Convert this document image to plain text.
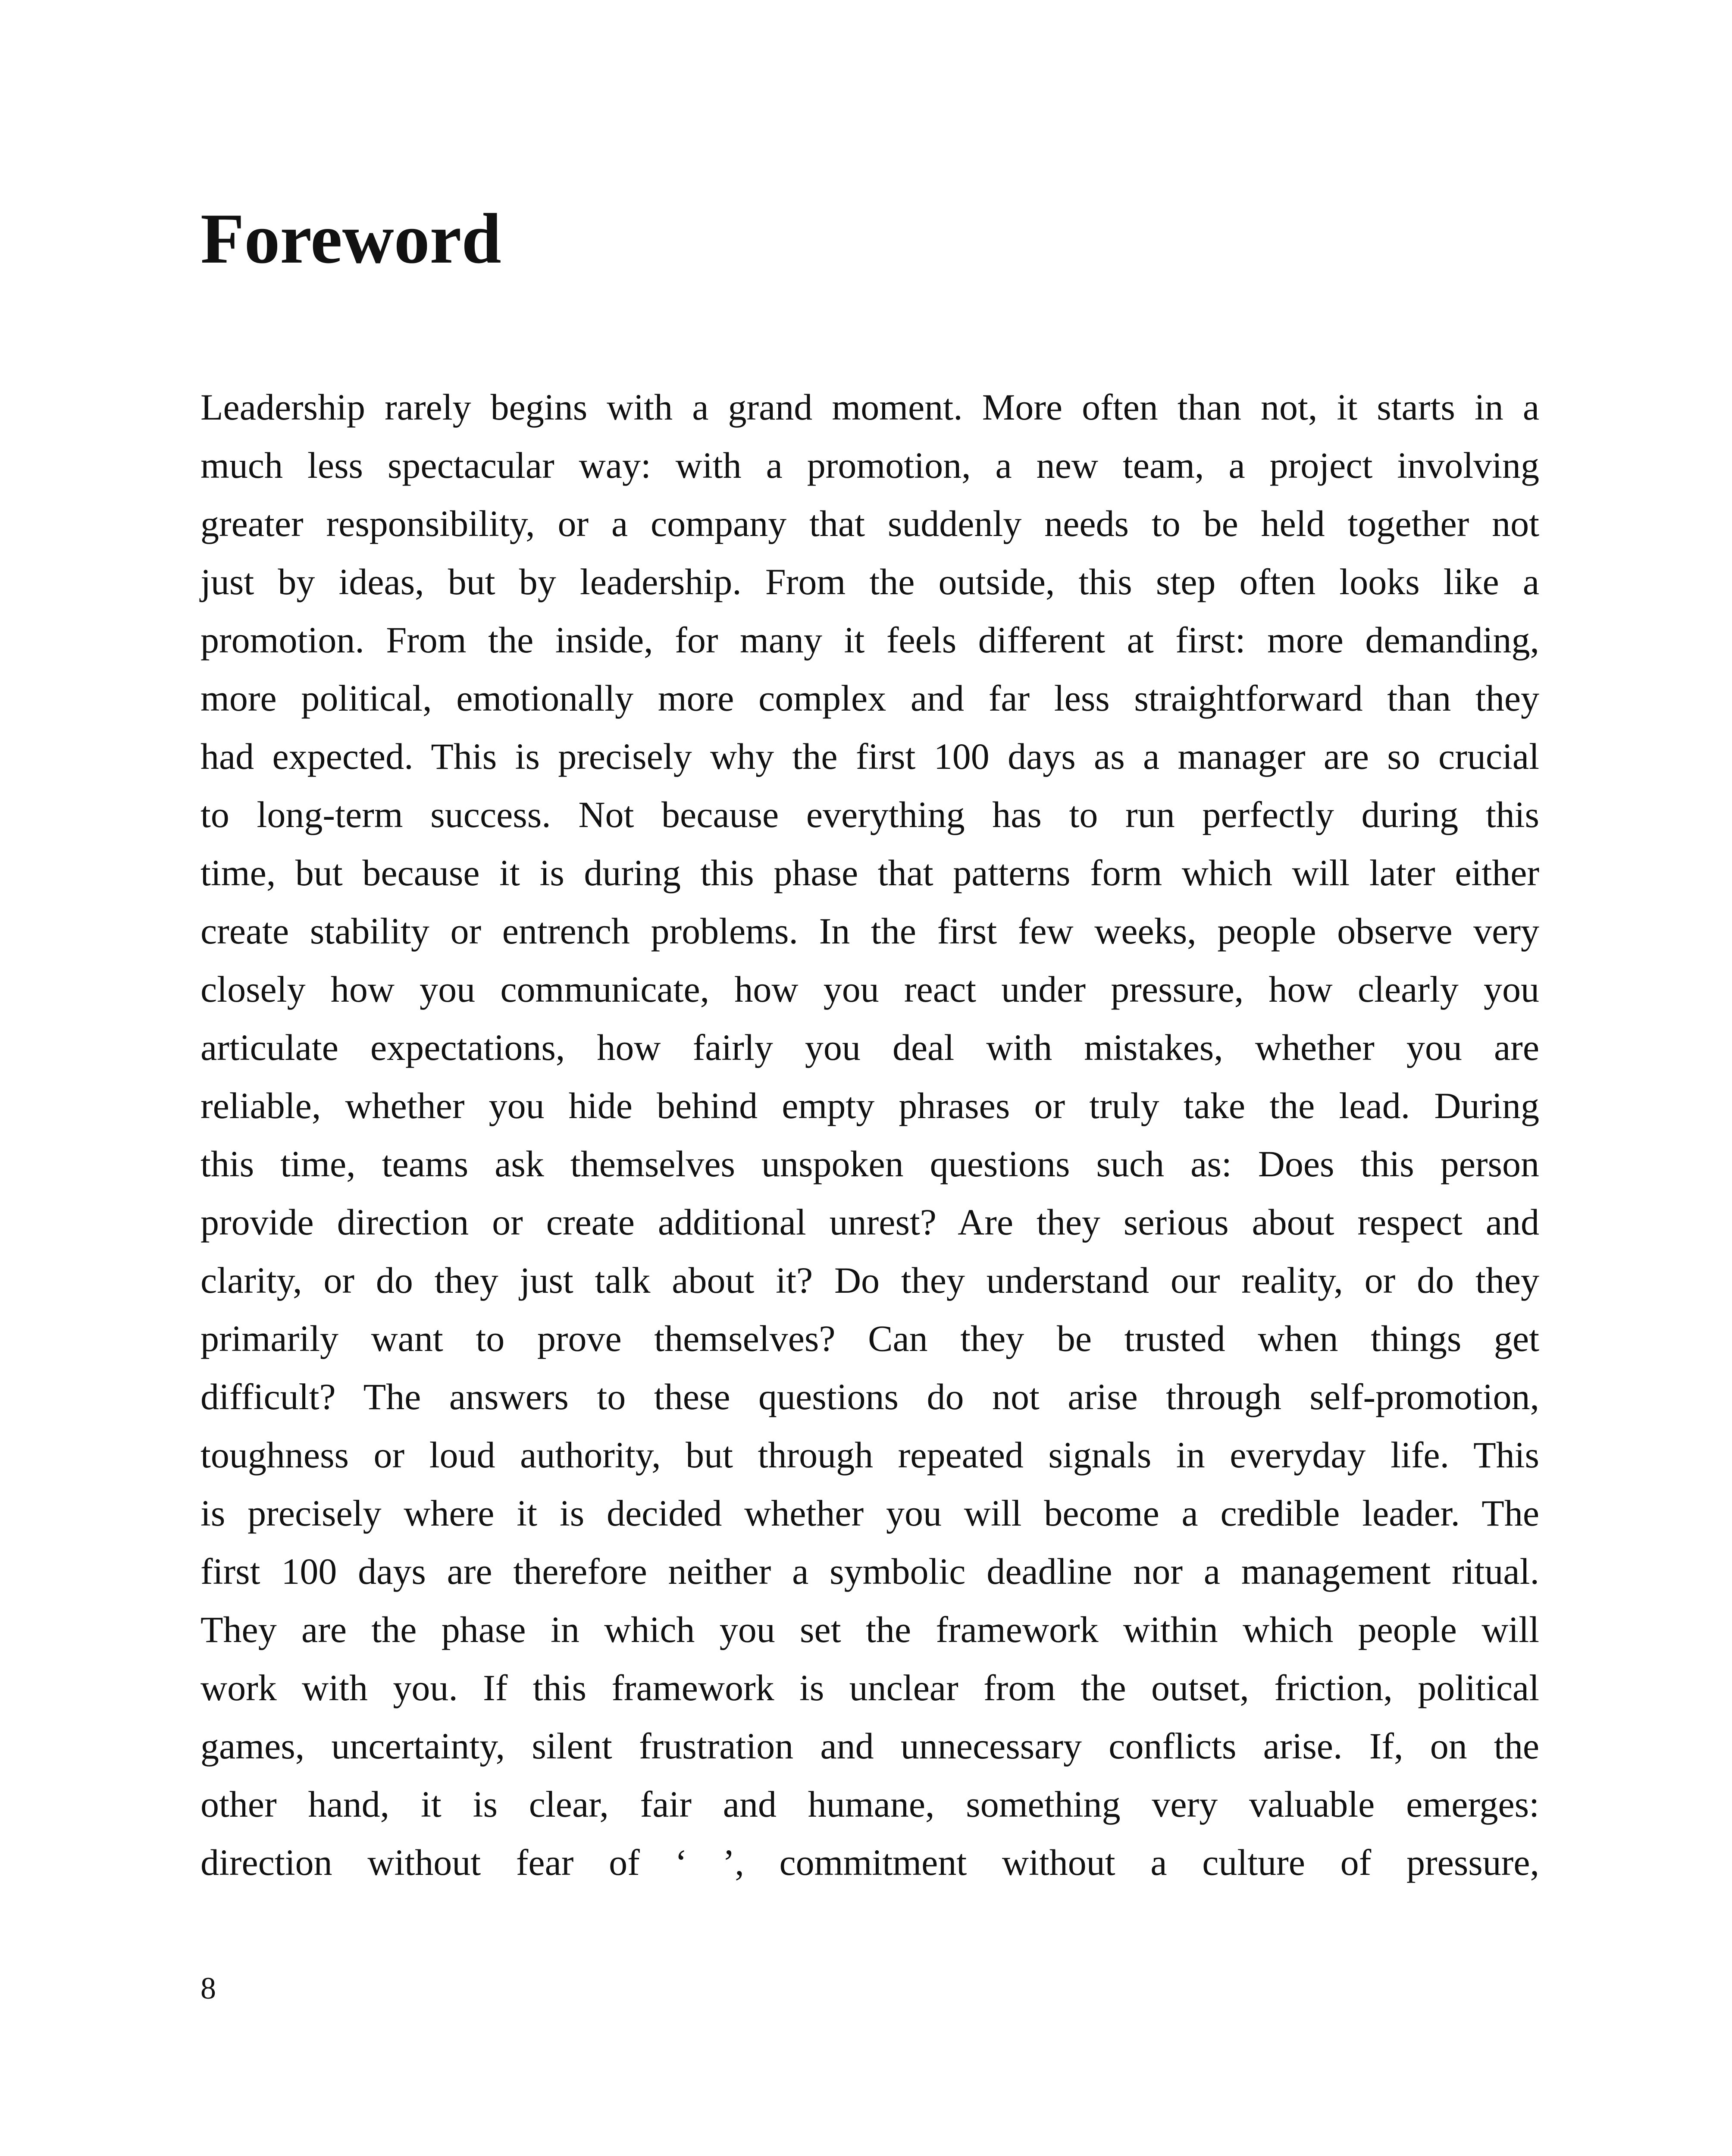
Foreword
Leadership rarely begins with a grand moment. More often than not, it starts in a
much less spectacular way: with a promotion, a new team, a project involving
greater responsibility, or a company that suddenly needs to be held together not
just by ideas, but by leadership. From the outside, this step often looks like a
promotion. From the inside, for many it feels different at first: more demanding,
more political, emotionally more complex and far less straightforward than they
had expected. This is precisely why the first 100 days as a manager are so crucial
to long-term success. Not because everything has to run perfectly during this
time, but because it is during this phase that patterns form which will later either
create stability or entrench problems. In the first few weeks, people observe very
closely how you communicate, how you react under pressure, how clearly you
articulate expectations, how fairly you deal with mistakes, whether you are
reliable, whether you hide behind empty phrases or truly take the lead. During
this time, teams ask themselves unspoken questions such as: Does this person
provide direction or create additional unrest? Are they serious about respect and
clarity, or do they just talk about it? Do they understand our reality, or do they
primarily want to prove themselves? Can they be trusted when things get
difficult? The answers to these questions do not arise through self-promotion,
toughness or loud authority, but through repeated signals in everyday life. This
is precisely where it is decided whether you will become a credible leader. The
first 100 days are therefore neither a symbolic deadline nor a management ritual.
They are the phase in which you set the framework within which people will
work with you. If this framework is unclear from the outset, friction, political
games, uncertainty, silent frustration and unnecessary conflicts arise. If, on the
other hand, it is clear, fair and humane, something very valuable emerges:
direction without fear of ‘ ’, commitment without a culture of pressure,
8
